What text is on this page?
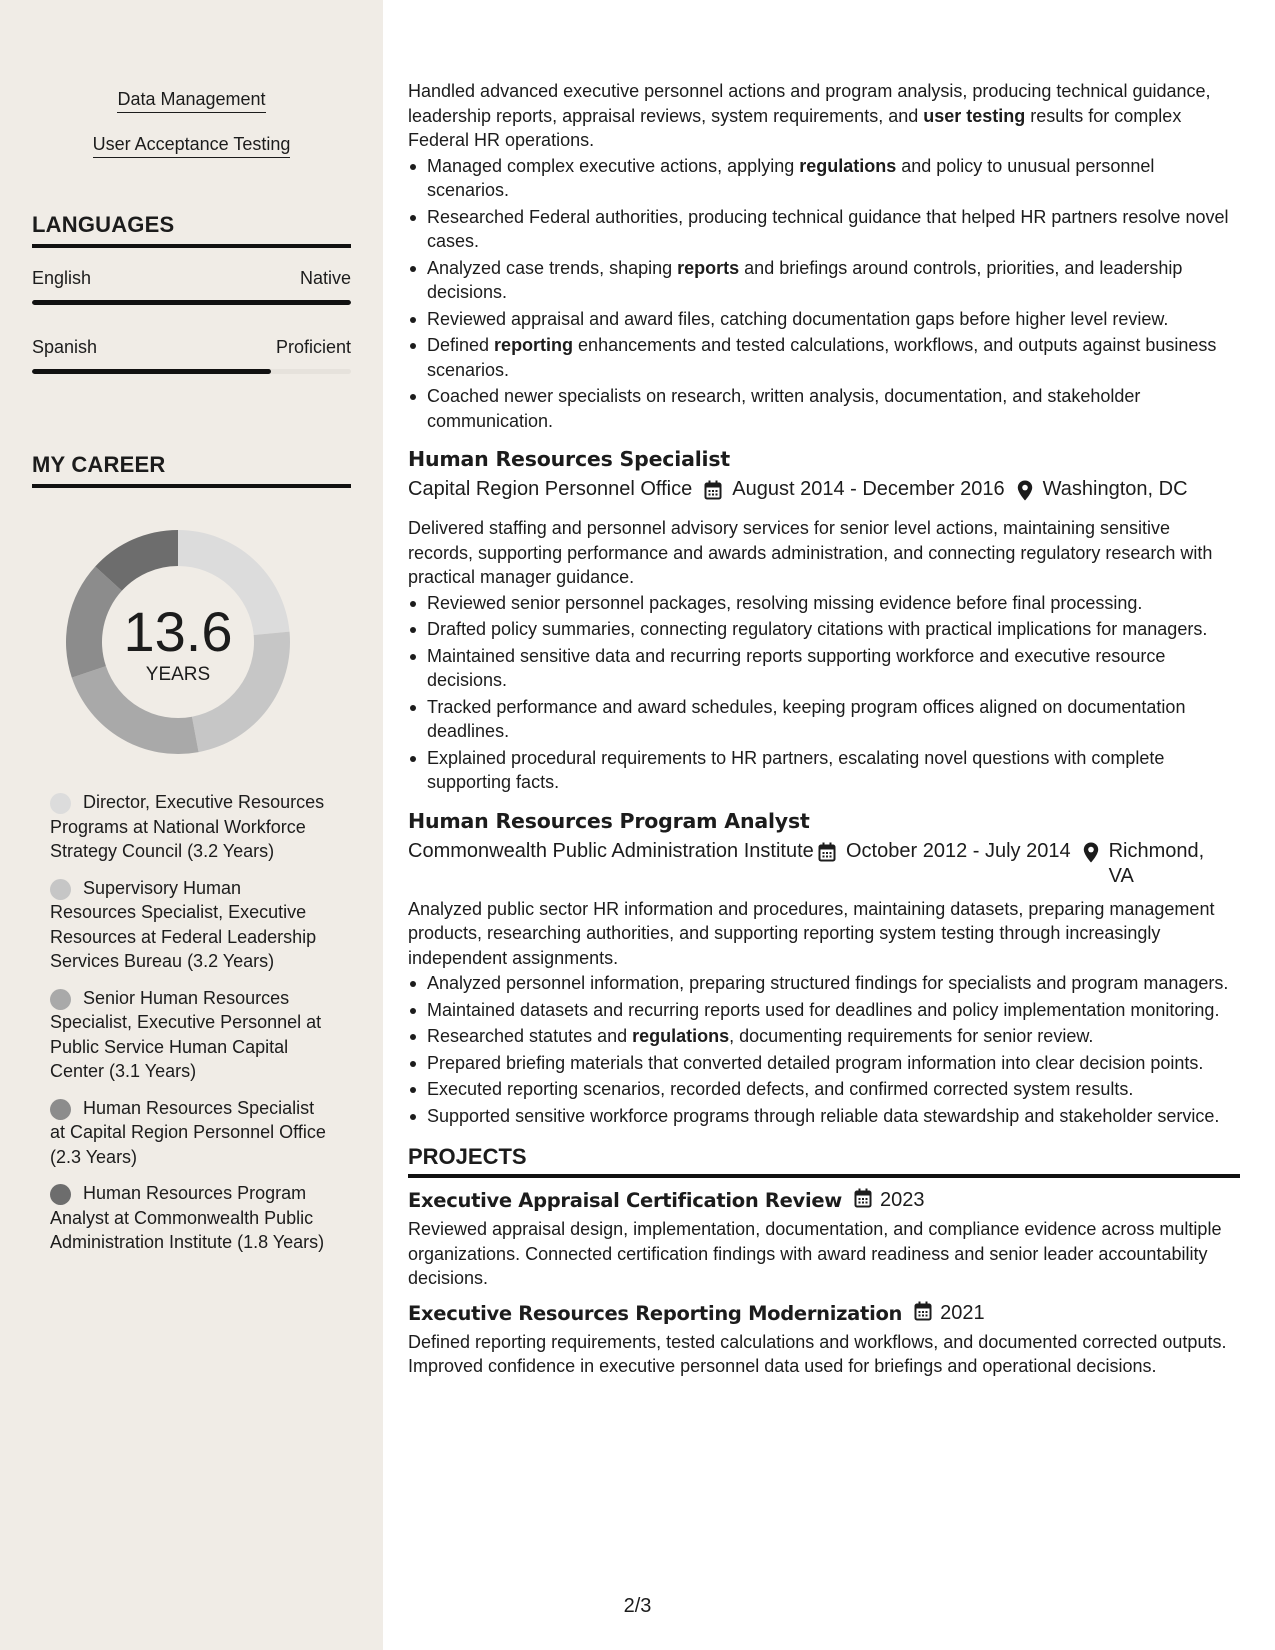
Data Management
User Acceptance Testing
LANGUAGES
English	Native
Spanish	Proficient
MY CAREER
13.6
YEARS
Director, Executive Resources Programs at National Workforce Strategy Council (3.2 Years)
Supervisory Human Resources Specialist, Executive Resources at Federal Leadership Services Bureau (3.2 Years)
Senior Human Resources Specialist, Executive Personnel at Public Service Human Capital Center (3.1 Years)
Human Resources Specialist at Capital Region Personnel Office (2.3 Years)
Human Resources Program Analyst at Commonwealth Public Administration Institute (1.8 Years)
Handled advanced executive personnel actions and program analysis, producing technical guidance, leadership reports, appraisal reviews, system requirements, and user testing results for complex Federal HR operations.
Managed complex executive actions, applying regulations and policy to unusual personnel scenarios.
Researched Federal authorities, producing technical guidance that helped HR partners resolve novel cases.
Analyzed case trends, shaping reports and briefings around controls, priorities, and leadership decisions.
Reviewed appraisal and award files, catching documentation gaps before higher level review.
Defined reporting enhancements and tested calculations, workflows, and outputs against business scenarios.
Coached newer specialists on research, written analysis, documentation, and stakeholder communication.
Human Resources Specialist
Capital Region Personnel Office August 2014 - December 2016 Washington, DC
Delivered staffing and personnel advisory services for senior level actions, maintaining sensitive records, supporting performance and awards administration, and connecting regulatory research with practical manager guidance.
Reviewed senior personnel packages, resolving missing evidence before final processing.
Drafted policy summaries, connecting regulatory citations with practical implications for managers.
Maintained sensitive data and recurring reports supporting workforce and executive resource decisions.
Tracked performance and award schedules, keeping program offices aligned on documentation deadlines.
Explained procedural requirements to HR partners, escalating novel questions with complete supporting facts.
Human Resources Program Analyst
Commonwealth Public Administration Institute October 2012 - July 2014 Richmond, VA
Analyzed public sector HR information and procedures, maintaining datasets, preparing management products, researching authorities, and supporting reporting system testing through increasingly independent assignments.
Analyzed personnel information, preparing structured findings for specialists and program managers.
Maintained datasets and recurring reports used for deadlines and policy implementation monitoring.
Researched statutes and regulations, documenting requirements for senior review.
Prepared briefing materials that converted detailed program information into clear decision points.
Executed reporting scenarios, recorded defects, and confirmed corrected system results.
Supported sensitive workforce programs through reliable data stewardship and stakeholder service.
PROJECTS
Executive Appraisal Certification Review 2023
Reviewed appraisal design, implementation, documentation, and compliance evidence across multiple organizations. Connected certification findings with award readiness and senior leader accountability decisions.
Executive Resources Reporting Modernization 2021
Defined reporting requirements, tested calculations and workflows, and documented corrected outputs. Improved confidence in executive personnel data used for briefings and operational decisions.
2/3
